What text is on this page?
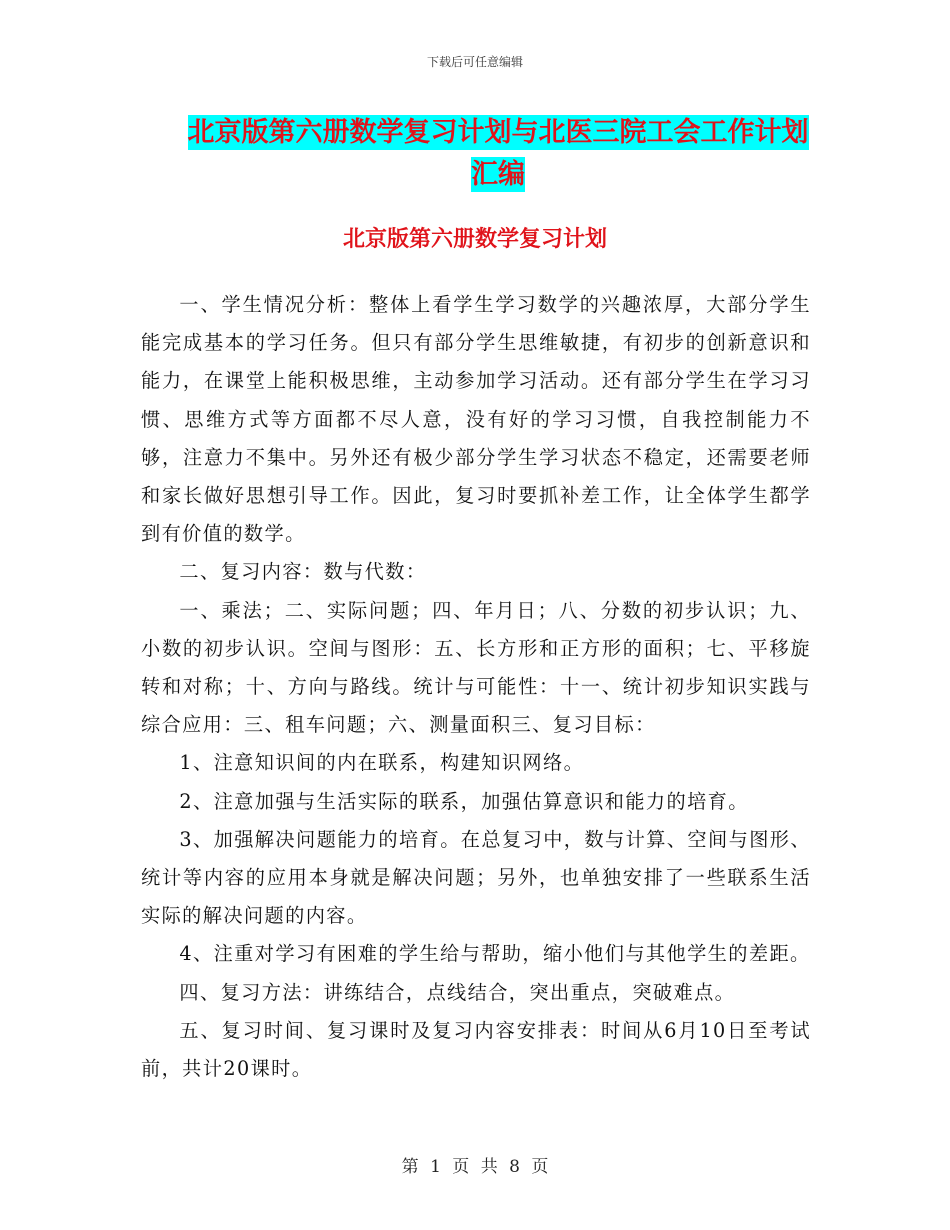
下载后可任意编辑
北京版第六册数学复习计划与北医三院工会工作计划
汇编
北京版第六册数学复习计划

一、学生情况分析：整体上看学生学习数学的兴趣浓厚，大部分学生能完成基本的学习任务。但只有部分学生思维敏捷，有初步的创新意识和能力，在课堂上能积极思维，主动参加学习活动。还有部分学生在学习习惯、思维方式等方面都不尽人意，没有好的学习习惯，自我控制能力不够，注意力不集中。另外还有极少部分学生学习状态不稳定，还需要老师和家长做好思想引导工作。因此，复习时要抓补差工作，让全体学生都学到有价值的数学。

二、复习内容：数与代数：

一、乘法；二、实际问题；四、年月日；八、分数的初步认识；九、小数的初步认识。空间与图形：五、长方形和正方形的面积；七、平移旋转和对称；十、方向与路线。统计与可能性：十一、统计初步知识实践与综合应用：三、租车问题；六、测量面积三、复习目标：

1、注意知识间的内在联系，构建知识网络。

2、注意加强与生活实际的联系，加强估算意识和能力的培育。

3、加强解决问题能力的培育。在总复习中，数与计算、空间与图形、统计等内容的应用本身就是解决问题；另外，也单独安排了一些联系生活实际的解决问题的内容。

4、注重对学习有困难的学生给与帮助，缩小他们与其他学生的差距。

四、复习方法：讲练结合，点线结合，突出重点，突破难点。

五、复习时间、复习课时及复习内容安排表：时间从6月10日至考试前，共计20课时。

第 1 页 共 8 页
